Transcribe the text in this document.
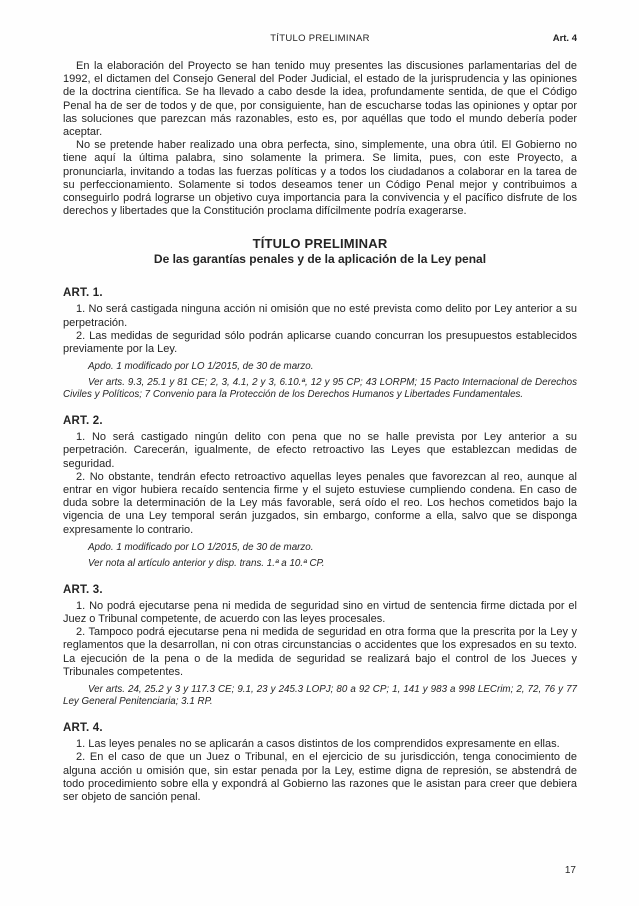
TÍTULO PRELIMINAR	Art. 4

En la elaboración del Proyecto se han tenido muy presentes las discusiones parlamentarias del de 1992, el dictamen del Consejo General del Poder Judicial, el estado de la jurisprudencia y las opiniones de la doctrina científica. Se ha llevado a cabo desde la idea, profundamente sentida, de que el Código Penal ha de ser de todos y de que, por consiguiente, han de escucharse todas las opiniones y optar por las soluciones que parezcan más razonables, esto es, por aquéllas que todo el mundo debería poder aceptar.

No se pretende haber realizado una obra perfecta, sino, simplemente, una obra útil. El Gobierno no tiene aquí la última palabra, sino solamente la primera. Se limita, pues, con este Proyecto, a pronunciarla, invitando a todas las fuerzas políticas y a todos los ciudadanos a colaborar en la tarea de su perfeccionamiento. Solamente si todos deseamos tener un Código Penal mejor y contribuimos a conseguirlo podrá lograrse un objetivo cuya importancia para la convivencia y el pacífico disfrute de los derechos y libertades que la Constitución proclama difícilmente podría exagerarse.

TÍTULO PRELIMINAR
De las garantías penales y de la aplicación de la Ley penal
ART. 1.

1. No será castigada ninguna acción ni omisión que no esté prevista como delito por Ley anterior a su perpetración.

2. Las medidas de seguridad sólo podrán aplicarse cuando concurran los presupuestos establecidos previamente por la Ley.

Apdo. 1 modificado por LO 1/2015, de 30 de marzo.

Ver arts. 9.3, 25.1 y 81 CE; 2, 3, 4.1, 2 y 3, 6.10.ª, 12 y 95 CP; 43 LORPM; 15 Pacto Internacional de Derechos Civiles y Políticos; 7 Convenio para la Protección de los Derechos Humanos y Libertades Fundamentales.

ART. 2.

1. No será castigado ningún delito con pena que no se halle prevista por Ley anterior a su perpetración. Carecerán, igualmente, de efecto retroactivo las Leyes que establezcan medidas de seguridad.

2. No obstante, tendrán efecto retroactivo aquellas leyes penales que favorezcan al reo, aunque al entrar en vigor hubiera recaído sentencia firme y el sujeto estuviese cumpliendo condena. En caso de duda sobre la determinación de la Ley más favorable, será oído el reo. Los hechos cometidos bajo la vigencia de una Ley temporal serán juzgados, sin embargo, conforme a ella, salvo que se disponga expresamente lo contrario.

Apdo. 1 modificado por LO 1/2015, de 30 de marzo.

Ver nota al artículo anterior y disp. trans. 1.ª a 10.ª CP.

ART. 3.

1. No podrá ejecutarse pena ni medida de seguridad sino en virtud de sentencia firme dictada por el Juez o Tribunal competente, de acuerdo con las leyes procesales.

2. Tampoco podrá ejecutarse pena ni medida de seguridad en otra forma que la prescrita por la Ley y reglamentos que la desarrollan, ni con otras circunstancias o accidentes que los expresados en su texto. La ejecución de la pena o de la medida de seguridad se realizará bajo el control de los Jueces y Tribunales competentes.

Ver arts. 24, 25.2 y 3 y 117.3 CE; 9.1, 23 y 245.3 LOPJ; 80 a 92 CP; 1, 141 y 983 a 998 LECrim; 2, 72, 76 y 77 Ley General Penitenciaria; 3.1 RP.

ART. 4.

1. Las leyes penales no se aplicarán a casos distintos de los comprendidos expresamente en ellas.

2. En el caso de que un Juez o Tribunal, en el ejercicio de su jurisdicción, tenga conocimiento de alguna acción u omisión que, sin estar penada por la Ley, estime digna de represión, se abstendrá de todo procedimiento sobre ella y expondrá al Gobierno las razones que le asistan para creer que debiera ser objeto de sanción penal.

17
